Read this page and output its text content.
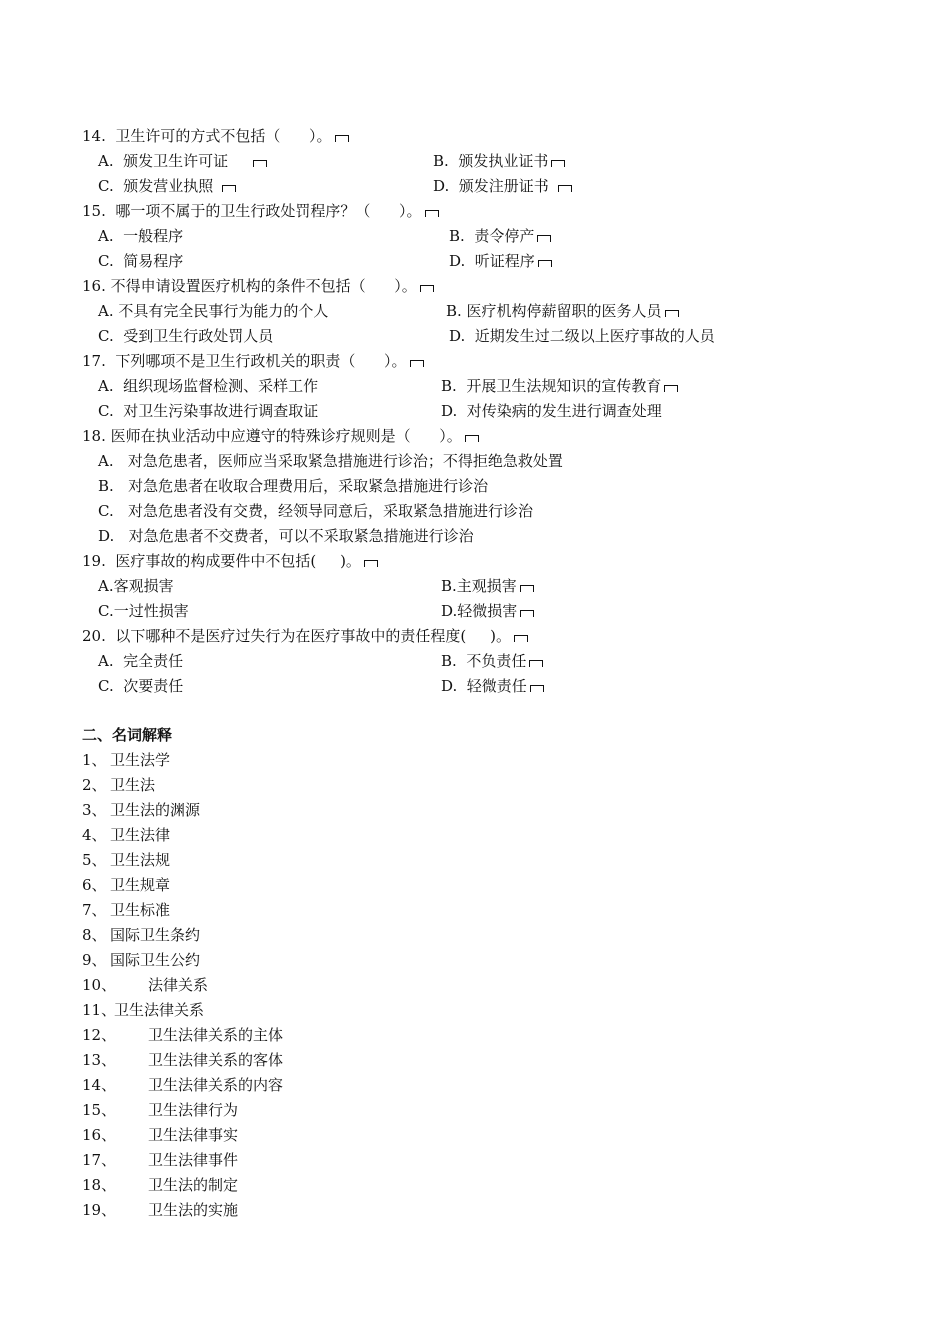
14.  卫生许可的方式不包括（      ）。
A.  颁发卫生许可证	B.  颁发执业证书
C.  颁发营业执照	D.  颁发注册证书
15.  哪一项不属于的卫生行政处罚程序？（      ）。
A.  一般程序	B.  责令停产
C.  简易程序	D.  听证程序
16. 不得申请设置医疗机构的条件不包括（      ）。
A. 不具有完全民事行为能力的个人	B. 医疗机构停薪留职的医务人员
C.  受到卫生行政处罚人员	D.  近期发生过二级以上医疗事故的人员
17.  下列哪项不是卫生行政机关的职责（      ）。
A.  组织现场监督检测、采样工作	B.  开展卫生法规知识的宣传教育
C.  对卫生污染事故进行调查取证	D.  对传染病的发生进行调查处理
18. 医师在执业活动中应遵守的特殊诊疗规则是（      ）。
A.   对急危患者，医师应当采取紧急措施进行诊治；不得拒绝急救处置
B.   对急危患者在收取合理费用后，采取紧急措施进行诊治
C.   对急危患者没有交费，经领导同意后，采取紧急措施进行诊治
D.   对急危患者不交费者，可以不采取紧急措施进行诊治
19.  医疗事故的构成要件中不包括(     )。
A.客观损害	B.主观损害
C.一过性损害	D.轻微损害
20.  以下哪种不是医疗过失行为在医疗事故中的责任程度(     )。
A.  完全责任	B.  不负责任
C.  次要责任	D.  轻微责任
二、名词解释
1、 卫生法学
2、 卫生法
3、 卫生法的渊源
4、 卫生法律
5、 卫生法规
6、 卫生规章
7、 卫生标准
8、 国际卫生条约
9、 国际卫生公约
10、 法律关系
11、卫生法律关系
12、 卫生法律关系的主体
13、 卫生法律关系的客体
14、 卫生法律关系的内容
15、 卫生法律行为
16、 卫生法律事实
17、 卫生法律事件
18、 卫生法的制定
19、 卫生法的实施
